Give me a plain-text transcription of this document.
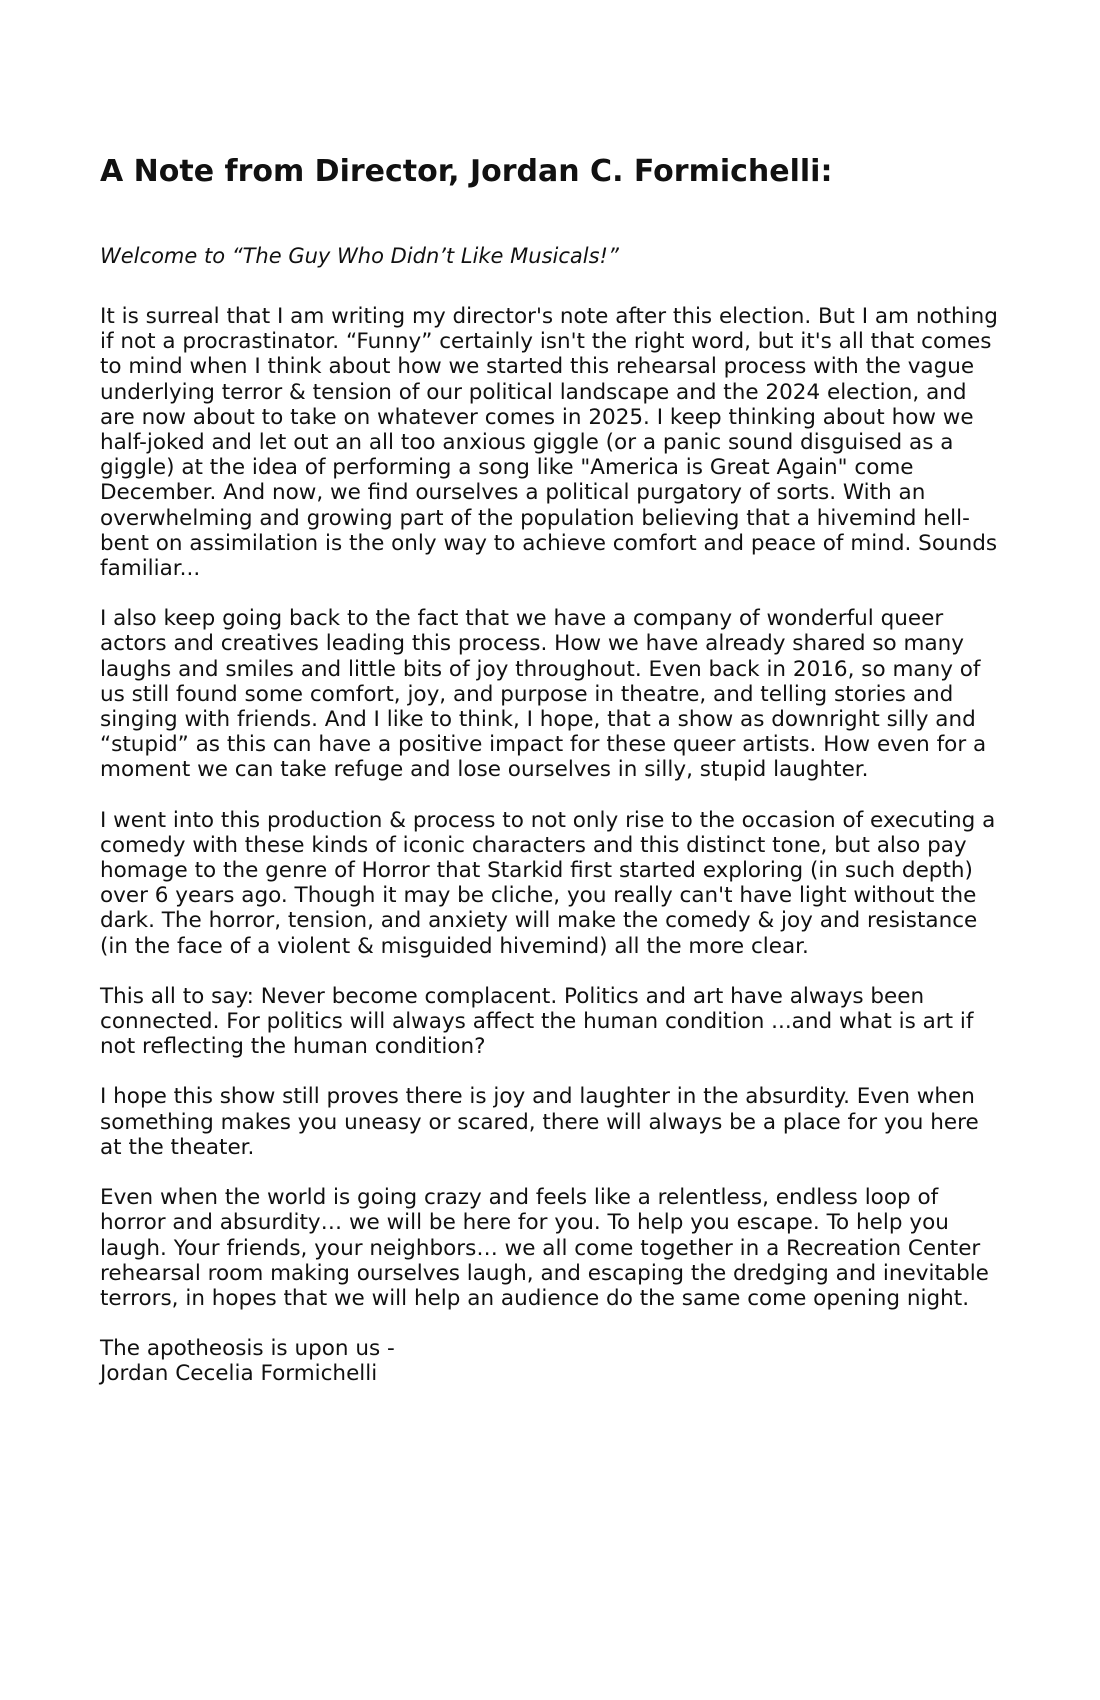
A Note from Director, Jordan C. Formichelli:

Welcome to “The Guy Who Didn’t Like Musicals!”

It is surreal that I am writing my director's note after this election. But I am nothing if not a procrastinator. “Funny” certainly isn't the right word, but it's all that comes to mind when I think about how we started this rehearsal process with the vague underlying terror & tension of our political landscape and the 2024 election, and are now about to take on whatever comes in 2025. I keep thinking about how we half-joked and let out an all too anxious giggle (or a panic sound disguised as a giggle) at the idea of performing a song like "America is Great Again" come December. And now, we find ourselves a political purgatory of sorts. With an overwhelming and growing part of the population believing that a hivemind hell-bent on assimilation is the only way to achieve comfort and peace of mind. Sounds familiar...

I also keep going back to the fact that we have a company of wonderful queer actors and creatives leading this process. How we have already shared so many laughs and smiles and little bits of joy throughout. Even back in 2016, so many of us still found some comfort, joy, and purpose in theatre, and telling stories and singing with friends. And I like to think, I hope, that a show as downright silly and “stupid” as this can have a positive impact for these queer artists. How even for a moment we can take refuge and lose ourselves in silly, stupid laughter.

I went into this production & process to not only rise to the occasion of executing a comedy with these kinds of iconic characters and this distinct tone, but also pay homage to the genre of Horror that Starkid first started exploring (in such depth) over 6 years ago. Though it may be cliche, you really can't have light without the dark. The horror, tension, and anxiety will make the comedy & joy and resistance (in the face of a violent & misguided hivemind) all the more clear.

This all to say: Never become complacent. Politics and art have always been connected. For politics will always affect the human condition ...and what is art if not reflecting the human condition?

I hope this show still proves there is joy and laughter in the absurdity. Even when something makes you uneasy or scared, there will always be a place for you here at the theater.

Even when the world is going crazy and feels like a relentless, endless loop of horror and absurdity… we will be here for you. To help you escape. To help you laugh. Your friends, your neighbors… we all come together in a Recreation Center rehearsal room making ourselves laugh, and escaping the dredging and inevitable terrors, in hopes that we will help an audience do the same come opening night.

The apotheosis is upon us -
Jordan Cecelia Formichelli
